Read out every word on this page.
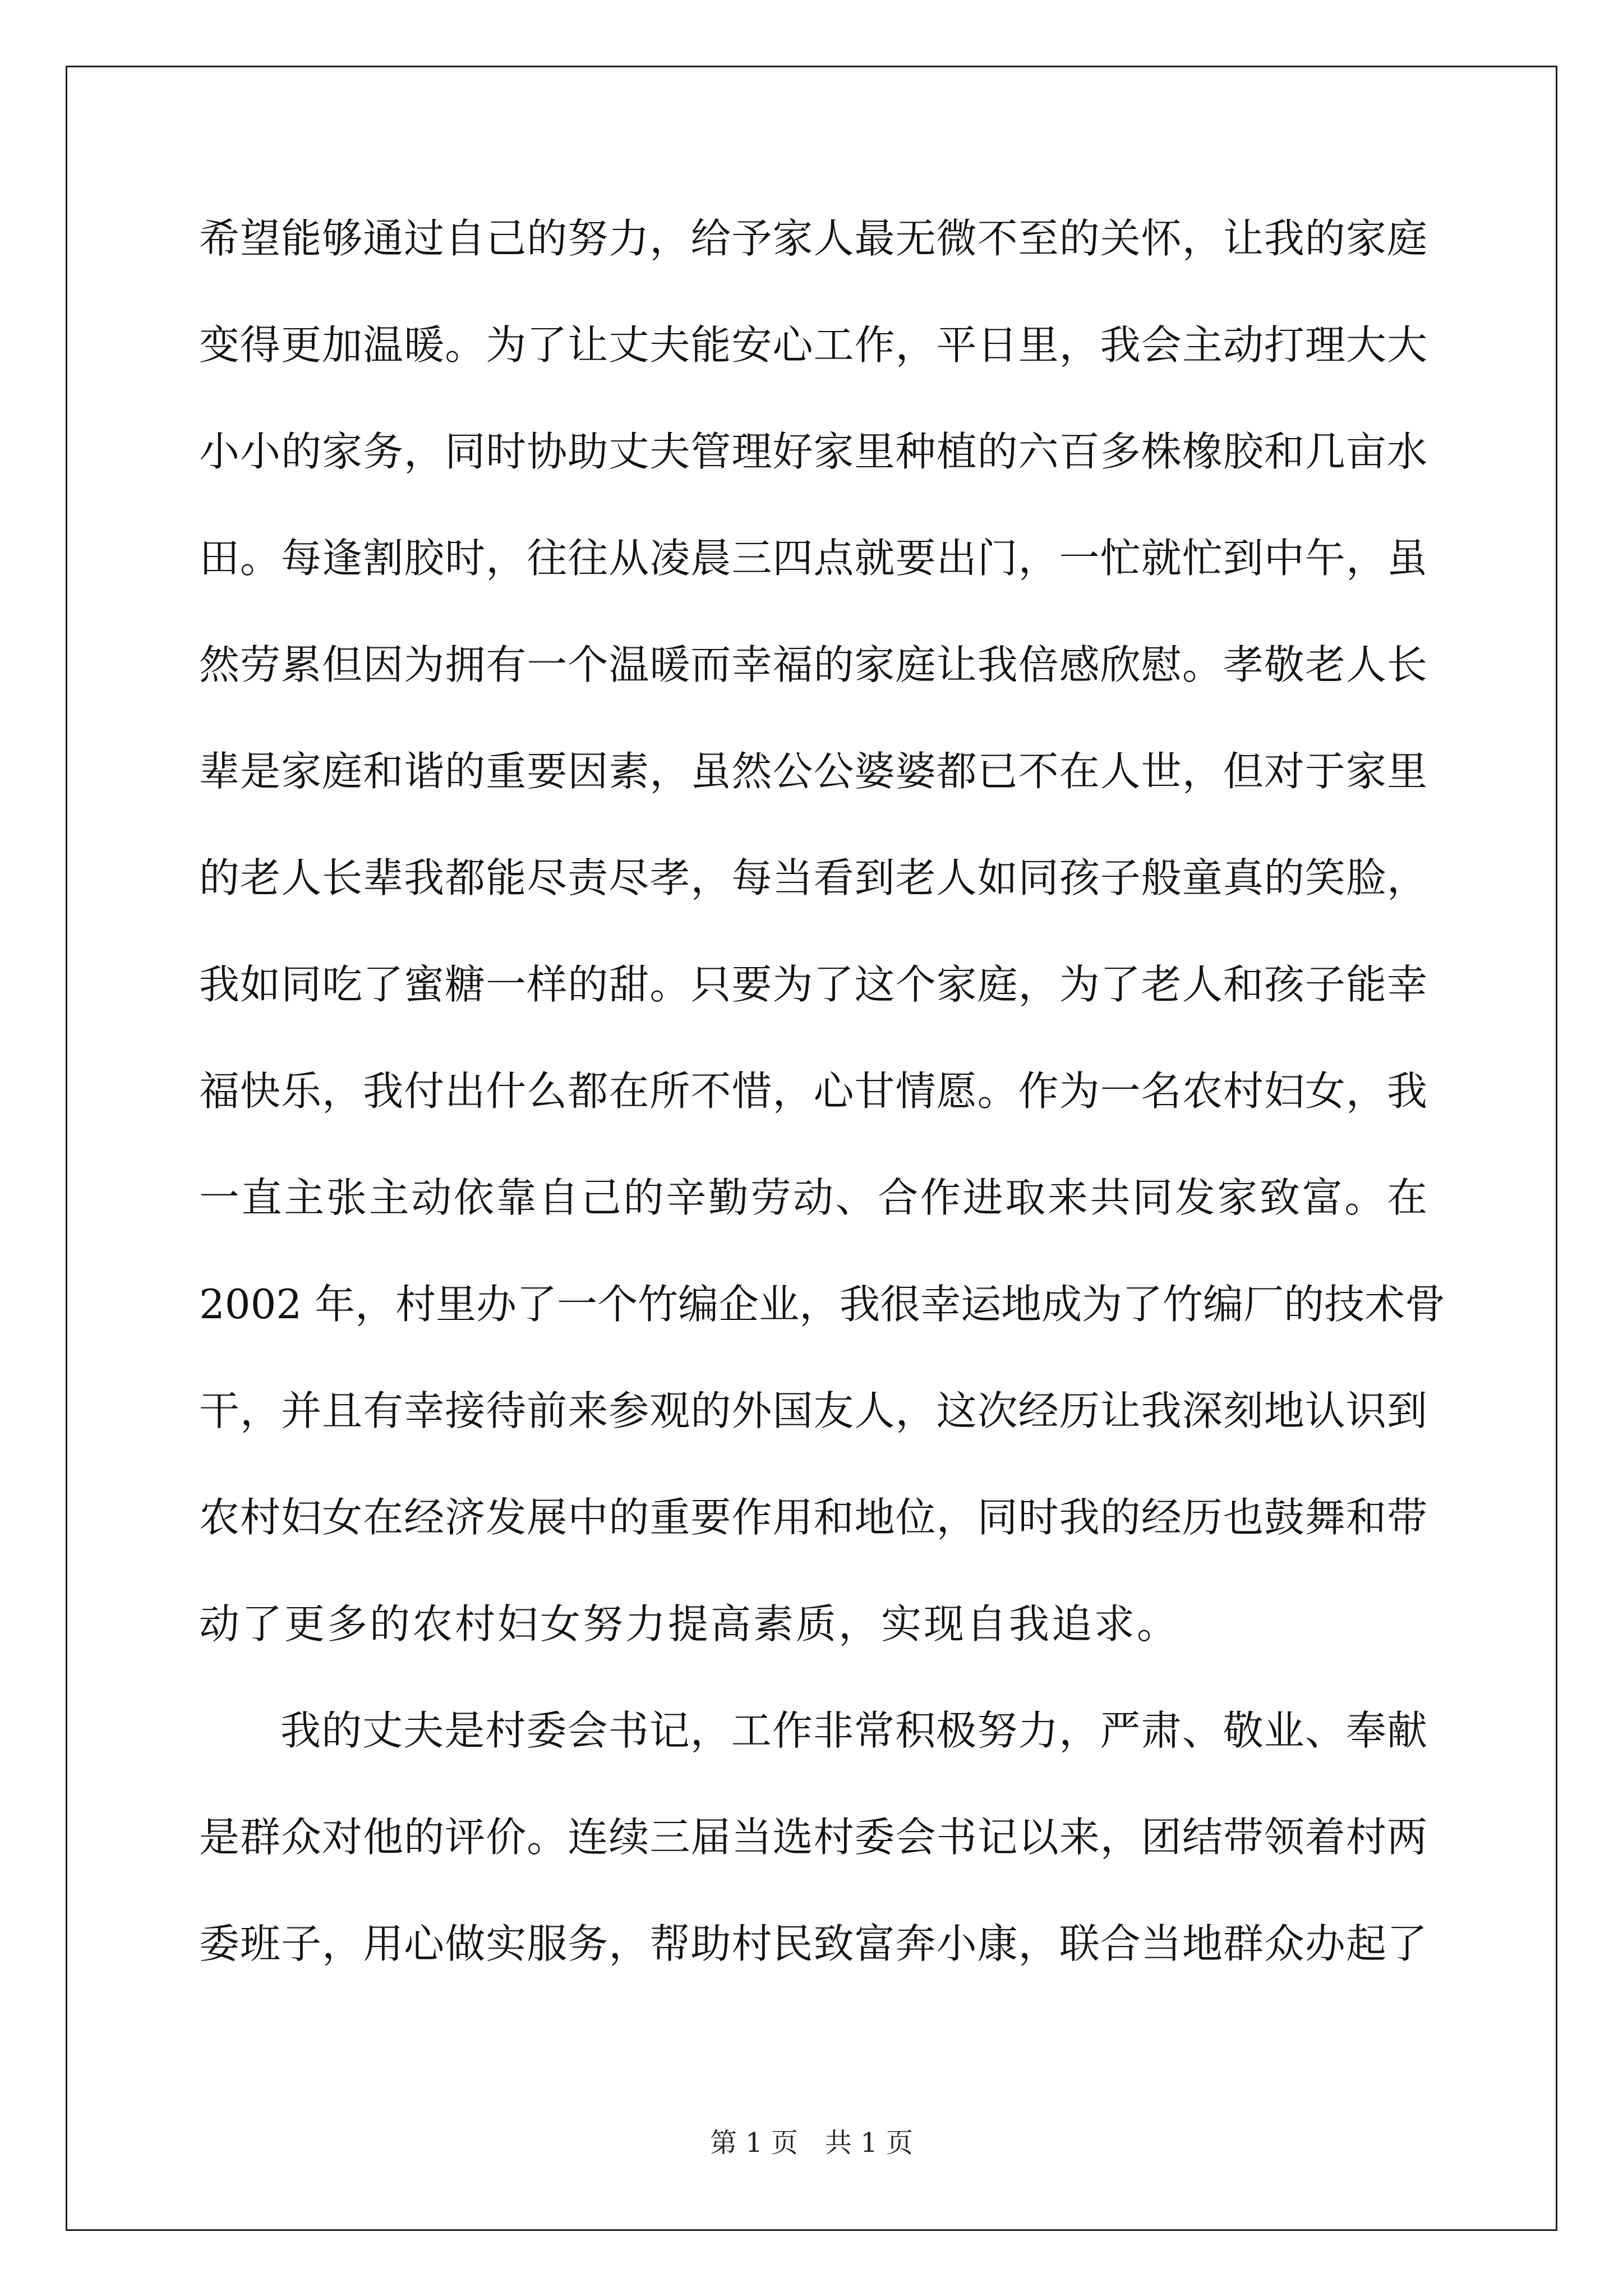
希望能够通过自己的努力，给予家人最无微不至的关怀，让我的家庭
变得更加温暖。为了让丈夫能安心工作，平日里，我会主动打理大大
小小的家务，同时协助丈夫管理好家里种植的六百多株橡胶和几亩水
田。每逢割胶时，往往从凌晨三四点就要出门，一忙就忙到中午，虽
然劳累但因为拥有一个温暖而幸福的家庭让我倍感欣慰。孝敬老人长
辈是家庭和谐的重要因素，虽然公公婆婆都已不在人世，但对于家里
的老人长辈我都能尽责尽孝，每当看到老人如同孩子般童真的笑脸，
我如同吃了蜜糖一样的甜。只要为了这个家庭，为了老人和孩子能幸
福快乐，我付出什么都在所不惜，心甘情愿。作为一名农村妇女，我
一直主张主动依靠自己的辛勤劳动、合作进取来共同发家致富。在
2002 年，村里办了一个竹编企业，我很幸运地成为了竹编厂的技术骨
干，并且有幸接待前来参观的外国友人，这次经历让我深刻地认识到
农村妇女在经济发展中的重要作用和地位，同时我的经历也鼓舞和带
动了更多的农村妇女努力提高素质，实现自我追求。
我的丈夫是村委会书记，工作非常积极努力，严肃、敬业、奉献
是群众对他的评价。连续三届当选村委会书记以来，团结带领着村两
委班子，用心做实服务，帮助村民致富奔小康，联合当地群众办起了
第 1 页 共 1 页
